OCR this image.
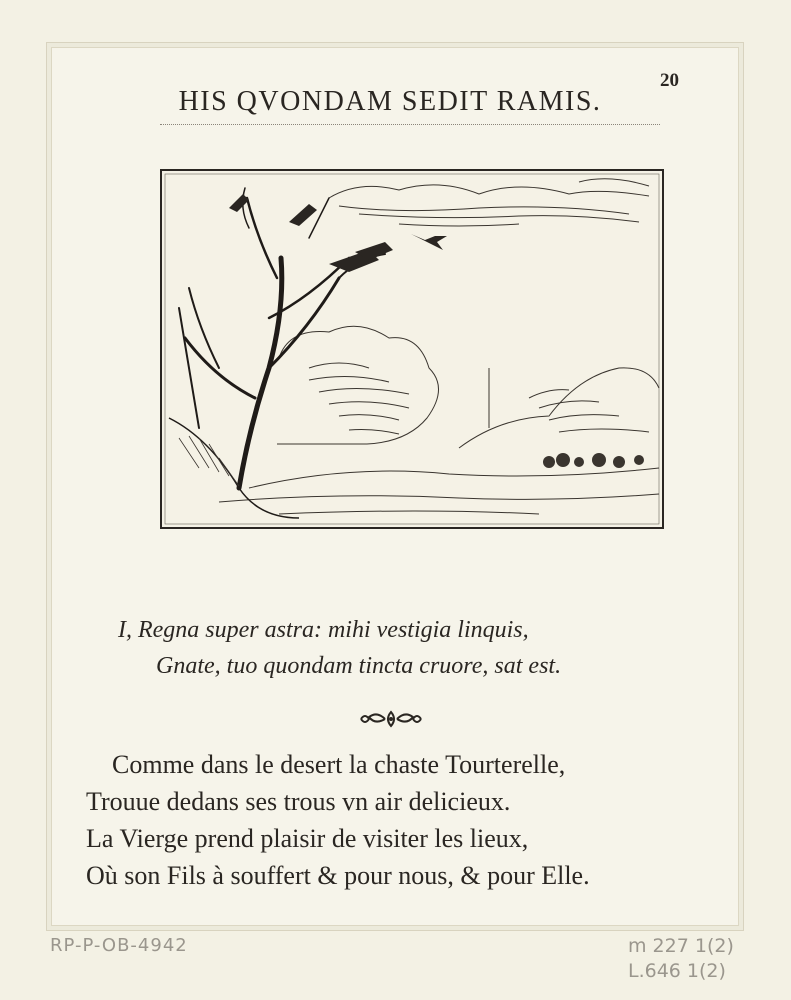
20
HIS QVONDAM SEDIT RAMIS.
I, Regna super astra: mihi vestigia linquis,
Gnate, tuo quondam tincta cruore, sat est.
Comme dans le desert la chaste Tourterelle,
Trouue dedans ses trous vn air delicieux.
La Vierge prend plaisir de visiter les lieux,
Où son Fils à souffert & pour nous, & pour Elle.
RP-P-OB-4942	m 227 1(2)
L.646 1(2)
